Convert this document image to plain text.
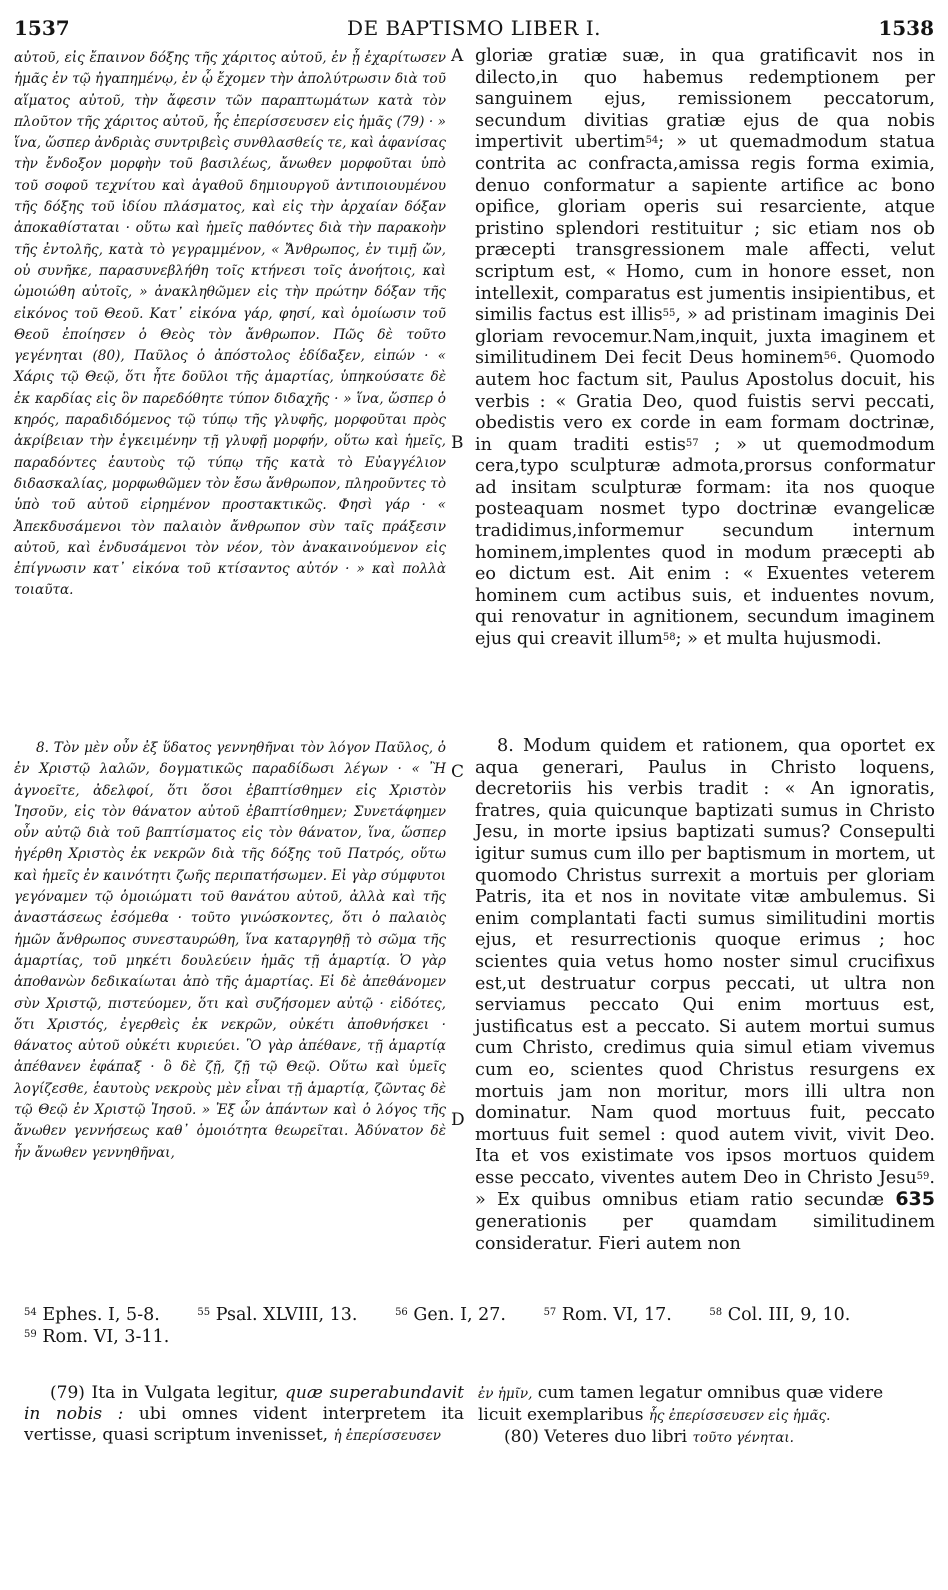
1537	DE BAPTISMO LIBER I.	1538
A
B
C
D

αὐτοῦ, εἰς ἔπαινον δόξης τῆς χάριτος αὐτοῦ, ἐν ᾗ ἐχαρίτωσεν ἡμᾶς ἐν τῷ ἠγαπημένῳ, ἐν ᾧ ἔχομεν τὴν ἀπολύτρωσιν διὰ τοῦ αἵματος αὐτοῦ, τὴν ἄφεσιν τῶν παραπτωμάτων κατὰ τὸν πλοῦτον τῆς χάριτος αὐτοῦ, ἧς ἐπερίσσευσεν εἰς ἡμᾶς (79) · » ἵνα, ὥσπερ ἀνδριὰς συντριβεὶς συνθλασθείς τε, καὶ ἀφανίσας τὴν ἔνδοξον μορφὴν τοῦ βασιλέως, ἄνωθεν μορφοῦται ὑπὸ τοῦ σοφοῦ τεχνίτου καὶ ἀγαθοῦ δημιουργοῦ ἀντιποιουμένου τῆς δόξης τοῦ ἰδίου πλάσματος, καὶ εἰς τὴν ἀρχαίαν δόξαν ἀποκαθίσταται · οὕτω καὶ ἡμεῖς παθόντες διὰ τὴν παρακοὴν τῆς ἐντολῆς, κατὰ τὸ γεγραμμένον, « Ἄνθρωπος, ἐν τιμῇ ὤν, οὐ συνῆκε, παρασυνεβλήθη τοῖς κτήνεσι τοῖς ἀνοήτοις, καὶ ὡμοιώθη αὐτοῖς, » ἀνακληθῶμεν εἰς τὴν πρώτην δόξαν τῆς εἰκόνος τοῦ Θεοῦ. Κατ᾽ εἰκόνα γάρ, φησί, καὶ ὁμοίωσιν τοῦ Θεοῦ ἐποίησεν ὁ Θεὸς τὸν ἄνθρωπον. Πῶς δὲ τοῦτο γεγένηται (80), Παῦλος ὁ ἀπόστολος ἐδίδαξεν, εἰπών · « Χάρις τῷ Θεῷ, ὅτι ἦτε δοῦλοι τῆς ἁμαρτίας, ὑπηκούσατε δὲ ἐκ καρδίας εἰς ὃν παρεδόθητε τύπον διδαχῆς · » ἵνα, ὥσπερ ὁ κηρός, παραδιδόμενος τῷ τύπῳ τῆς γλυφῆς, μορφοῦται πρὸς ἀκρίβειαν τὴν ἐγκειμένην τῇ γλυφῇ μορφήν, οὕτω καὶ ἡμεῖς, παραδόντες ἑαυτοὺς τῷ τύπῳ τῆς κατὰ τὸ Εὐαγγέλιον διδασκαλίας, μορφωθῶμεν τὸν ἔσω ἄνθρωπον, πληροῦντες τὸ ὑπὸ τοῦ αὐτοῦ εἰρημένον προστακτικῶς. Φησὶ γάρ · « Ἀπεκδυσάμενοι τὸν παλαιὸν ἄνθρωπον σὺν ταῖς πράξεσιν αὐτοῦ, καὶ ἐνδυσάμενοι τὸν νέον, τὸν ἀνακαινούμενον εἰς ἐπίγνωσιν κατ᾽ εἰκόνα τοῦ κτίσαντος αὐτόν · » καὶ πολλὰ τοιαῦτα.

8. Τὸν μὲν οὖν ἐξ ὕδατος γεννηθῆναι τὸν λόγον Παῦλος, ὁ ἐν Χριστῷ λαλῶν, δογματικῶς παραδίδωσι λέγων · « Ἢ ἀγνοεῖτε, ἀδελφοί, ὅτι ὅσοι ἐβαπτίσθημεν εἰς Χριστὸν Ἰησοῦν, εἰς τὸν θάνατον αὐτοῦ ἐβαπτίσθημεν; Συνετάφημεν οὖν αὐτῷ διὰ τοῦ βαπτίσματος εἰς τὸν θάνατον, ἵνα, ὥσπερ ἠγέρθη Χριστὸς ἐκ νεκρῶν διὰ τῆς δόξης τοῦ Πατρός, οὕτω καὶ ἡμεῖς ἐν καινότητι ζωῆς περιπατήσωμεν. Εἰ γὰρ σύμφυτοι γεγόναμεν τῷ ὁμοιώματι τοῦ θανάτου αὐτοῦ, ἀλλὰ καὶ τῆς ἀναστάσεως ἐσόμεθα · τοῦτο γινώσκοντες, ὅτι ὁ παλαιὸς ἡμῶν ἄνθρωπος συνεσταυρώθη, ἵνα καταργηθῇ τὸ σῶμα τῆς ἁμαρτίας, τοῦ μηκέτι δουλεύειν ἡμᾶς τῇ ἁμαρτίᾳ. Ὁ γὰρ ἀποθανὼν δεδικαίωται ἀπὸ τῆς ἁμαρτίας. Εἰ δὲ ἀπεθάνομεν σὺν Χριστῷ, πιστεύομεν, ὅτι καὶ συζήσομεν αὐτῷ · εἰδότες, ὅτι Χριστός, ἐγερθεὶς ἐκ νεκρῶν, οὐκέτι ἀποθνήσκει · θάνατος αὐτοῦ οὐκέτι κυριεύει. Ὃ γὰρ ἀπέθανε, τῇ ἁμαρτίᾳ ἀπέθανεν ἐφάπαξ · ὃ δὲ ζῇ, ζῇ τῷ Θεῷ. Οὕτω καὶ ὑμεῖς λογίζεσθε, ἑαυτοὺς νεκροὺς μὲν εἶναι τῇ ἁμαρτίᾳ, ζῶντας δὲ τῷ Θεῷ ἐν Χριστῷ Ἰησοῦ. » Ἐξ ὧν ἁπάντων καὶ ὁ λόγος τῆς ἄνωθεν γεννήσεως καθ᾽ ὁμοιότητα θεωρεῖται. Ἀδύνατον δὲ ἦν ἄνωθεν γεννηθῆναι,

gloriæ gratiæ suæ, in qua gratificavit nos in dilecto,in quo habemus redemptionem per sanguinem ejus, remissionem peccatorum, secundum divitias gratiæ ejus de qua nobis impertivit ubertim$^{54}$; » ut quemadmodum statua contrita ac confracta,amissa regis forma eximia, denuo conformatur a sapiente artifice ac bono opifice, gloriam operis sui resarciente, atque pristino splendori restituitur ; sic etiam nos ob præcepti transgressionem male affecti, velut scriptum est, « Homo, cum in honore esset, non intellexit, comparatus est jumentis insipientibus, et similis factus est illis$^{55}$, » ad pristinam imaginis Dei gloriam revocemur.Nam,inquit, juxta imaginem et similitudinem Dei fecit Deus hominem$^{56}$. Quomodo autem hoc factum sit, Paulus Apostolus docuit, his verbis : « Gratia Deo, quod fuistis servi peccati, obedistis vero ex corde in eam formam doctrinæ, in quam traditi estis$^{57}$ ; » ut quemodmodum cera,typo sculpturæ admota,prorsus conformatur ad insitam sculpturæ formam: ita nos quoque posteaquam nosmet typo doctrinæ evangelicæ tradidimus,informemur secundum internum hominem,implentes quod in modum præcepti ab eo dictum est. Ait enim : « Exuentes veterem hominem cum actibus suis, et induentes novum, qui renovatur in agnitionem, secundum imaginem ejus qui creavit illum$^{58}$; » et multa hujusmodi.

8. Modum quidem et rationem, qua oportet ex aqua generari, Paulus in Christo loquens, decretoriis his verbis tradit : « An ignoratis, fratres, quia quicunque baptizati sumus in Christo Jesu, in morte ipsius baptizati sumus? Consepulti igitur sumus cum illo per baptismum in mortem, ut quomodo Christus surrexit a mortuis per gloriam Patris, ita et nos in novitate vitæ ambulemus. Si enim complantati facti sumus similitudini mortis ejus, et resurrectionis quoque erimus ; hoc scientes quia vetus homo noster simul crucifixus est,ut destruatur corpus peccati, ut ultra non serviamus peccato Qui enim mortuus est, justificatus est a peccato. Si autem mortui sumus cum Christo, credimus quia simul etiam vivemus cum eo, scientes quod Christus resurgens ex mortuis jam non moritur, mors illi ultra non dominatur. Nam quod mortuus fuit, peccato mortuus fuit semel : quod autem vivit, vivit Deo. Ita et vos existimate vos ipsos mortuos quidem esse peccato, viventes autem Deo in Christo Jesu$^{59}$. » Ex quibus omnibus etiam ratio secundæ 635 generationis per quamdam similitudinem consideratur. Fieri autem non

$^{54}$ Ephes. I, 5-8.	$^{55}$ Psal. XLVIII, 13.	$^{56}$ Gen. I, 27.	$^{57}$ Rom. VI, 17.	$^{58}$ Col. III, 9, 10. $^{59}$ Rom. VI, 3-11.

(79) Ita in Vulgata legitur, quæ superabundavit in nobis : ubi omnes vident interpretem ita vertisse, quasi scriptum invenisset, ἡ ἐπερίσσευσεν

ἐν ἡμῖν, cum tamen legatur omnibus quæ videre licuit exemplaribus ἧς ἐπερίσσευσεν εἰς ἡμᾶς.

(80) Veteres duo libri τοῦτο γένηται.
